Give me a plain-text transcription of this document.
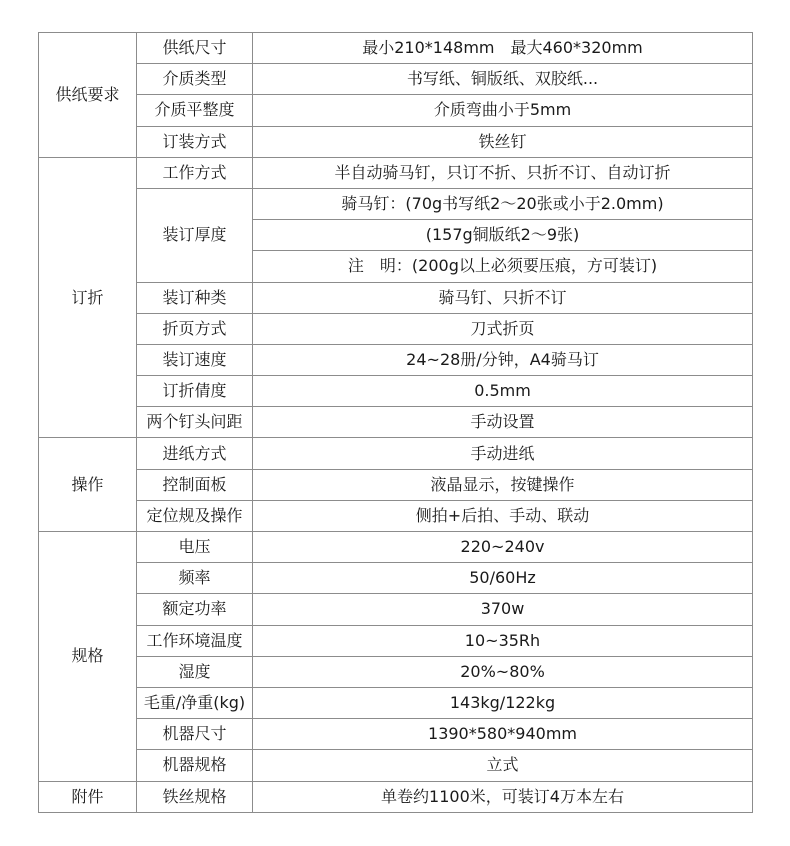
供纸要求	供纸尺寸	最小210*148mm　最大460*320mm
	介质类型	书写纸、铜版纸、双胶纸...
	介质平整度	介质弯曲小于5mm
	订装方式	铁丝钉
订折	工作方式	半自动骑马钉，只订不折、只折不订、自动订折
	装订厚度	骑马钉：(70g书写纸2～20张或小于2.0mm)
		(157g铜版纸2～9张)
		注　明：(200g以上必须要压痕，方可装订)
	装订种类	骑马钉、只折不订
	折页方式	刀式折页
	装订速度	24~28册/分钟，A4骑马订
	订折倩度	0.5mm
	两个钉头问距	手动设置
操作	进纸方式	手动进纸
	控制面板	液晶显示，按键操作
	定位规及操作	侧拍+后拍、手动、联动
规格	电压	220~240v
	频率	50/60Hz
	额定功率	370w
	工作环境温度	10~35Rh
	湿度	20%~80%
	毛重/净重(kg)	143kg/122kg
	机器尺寸	1390*580*940mm
	机器规格	立式
附件	铁丝规格	单卷约1100米，可装订4万本左右
